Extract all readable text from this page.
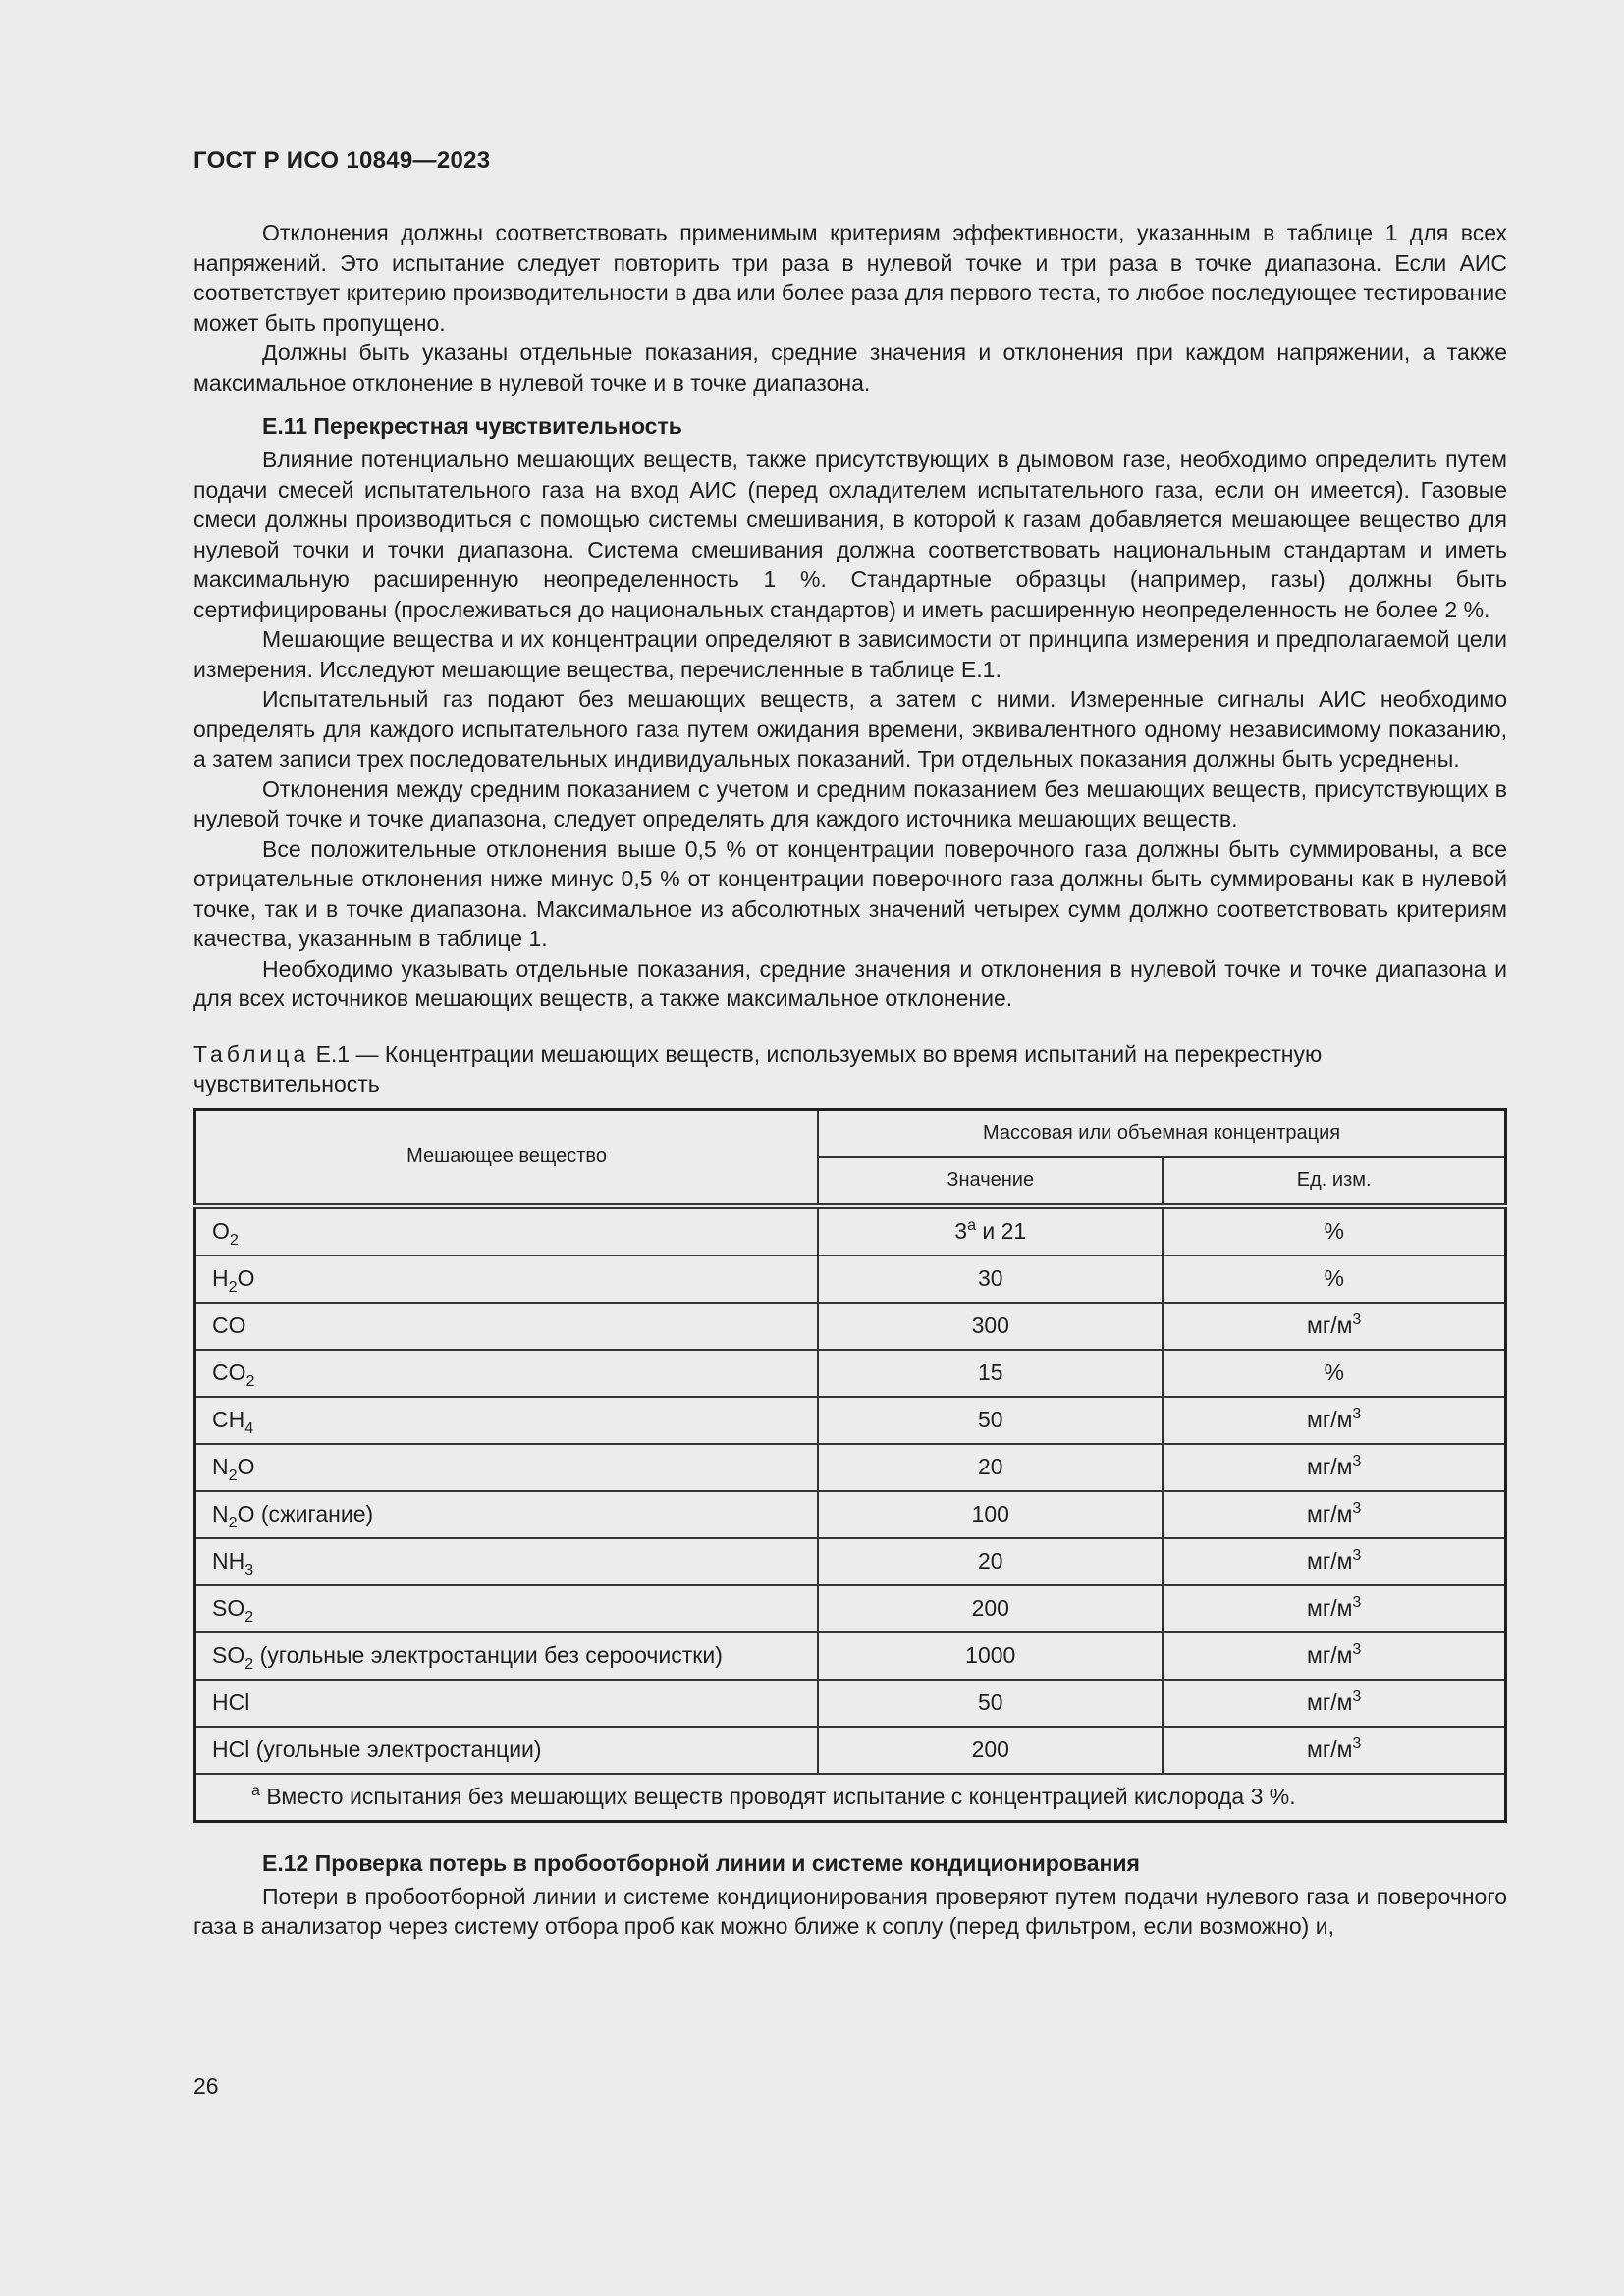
ГОСТ Р ИСО 10849—2023

Отклонения должны соответствовать применимым критериям эффективности, указанным в таблице 1 для всех напряжений. Это испытание следует повторить три раза в нулевой точке и три раза в точке диапазона. Если АИС соответствует критерию производительности в два или более раза для первого теста, то любое последующее тестирование может быть пропущено.

Должны быть указаны отдельные показания, средние значения и отклонения при каждом напряжении, а также максимальное отклонение в нулевой точке и в точке диапазона.

Е.11 Перекрестная чувствительность

Влияние потенциально мешающих веществ, также присутствующих в дымовом газе, необходимо определить путем подачи смесей испытательного газа на вход АИС (перед охладителем испытательного газа, если он имеется). Газовые смеси должны производиться с помощью системы смешивания, в которой к газам добавляется мешающее вещество для нулевой точки и точки диапазона. Система смешивания должна соответствовать национальным стандартам и иметь максимальную расширенную неопределенность 1 %. Стандартные образцы (например, газы) должны быть сертифицированы (прослеживаться до национальных стандартов) и иметь расширенную неопределенность не более 2 %.

Мешающие вещества и их концентрации определяют в зависимости от принципа измерения и предполагаемой цели измерения. Исследуют мешающие вещества, перечисленные в таблице Е.1.

Испытательный газ подают без мешающих веществ, а затем с ними. Измеренные сигналы АИС необходимо определять для каждого испытательного газа путем ожидания времени, эквивалентного одному независимому показанию, а затем записи трех последовательных индивидуальных показаний. Три отдельных показания должны быть усреднены.

Отклонения между средним показанием с учетом и средним показанием без мешающих веществ, присутствующих в нулевой точке и точке диапазона, следует определять для каждого источника мешающих веществ.

Все положительные отклонения выше 0,5 % от концентрации поверочного газа должны быть суммированы, а все отрицательные отклонения ниже минус 0,5 % от концентрации поверочного газа должны быть суммированы как в нулевой точке, так и в точке диапазона. Максимальное из абсолютных значений четырех сумм должно соответствовать критериям качества, указанным в таблице 1.

Необходимо указывать отдельные показания, средние значения и отклонения в нулевой точке и точке диапазона и для всех источников мешающих веществ, а также максимальное отклонение.

Таблица Е.1 — Концентрации мешающих веществ, используемых во время испытаний на перекрестную чувствительность
Мешающее вещество	Массовая или объемная концентрация	
	Значение	Ед. изм.
$O_2$	3$^a$ и 21	%
$H_2O$	30	%
CO	300	$мг/м^3$
$CO_2$	15	%
$CH_4$	50	$мг/м^3$
$N_2O$	20	$мг/м^3$
$N_2O$ (сжигание)	100	$мг/м^3$
$NH_3$	20	$мг/м^3$
$SO_2$	200	$мг/м^3$
$SO_2$ (угольные электростанции без сероочистки)	1000	$мг/м^3$
HCl	50	$мг/м^3$
HCl (угольные электростанции)	200	$мг/м^3$
$^a$ Вместо испытания без мешающих веществ проводят испытание с концентрацией кислорода 3 %.		
Е.12 Проверка потерь в пробоотборной линии и системе кондиционирования

Потери в пробоотборной линии и системе кондиционирования проверяют путем подачи нулевого газа и поверочного газа в анализатор через систему отбора проб как можно ближе к соплу (перед фильтром, если возможно) и,

26
